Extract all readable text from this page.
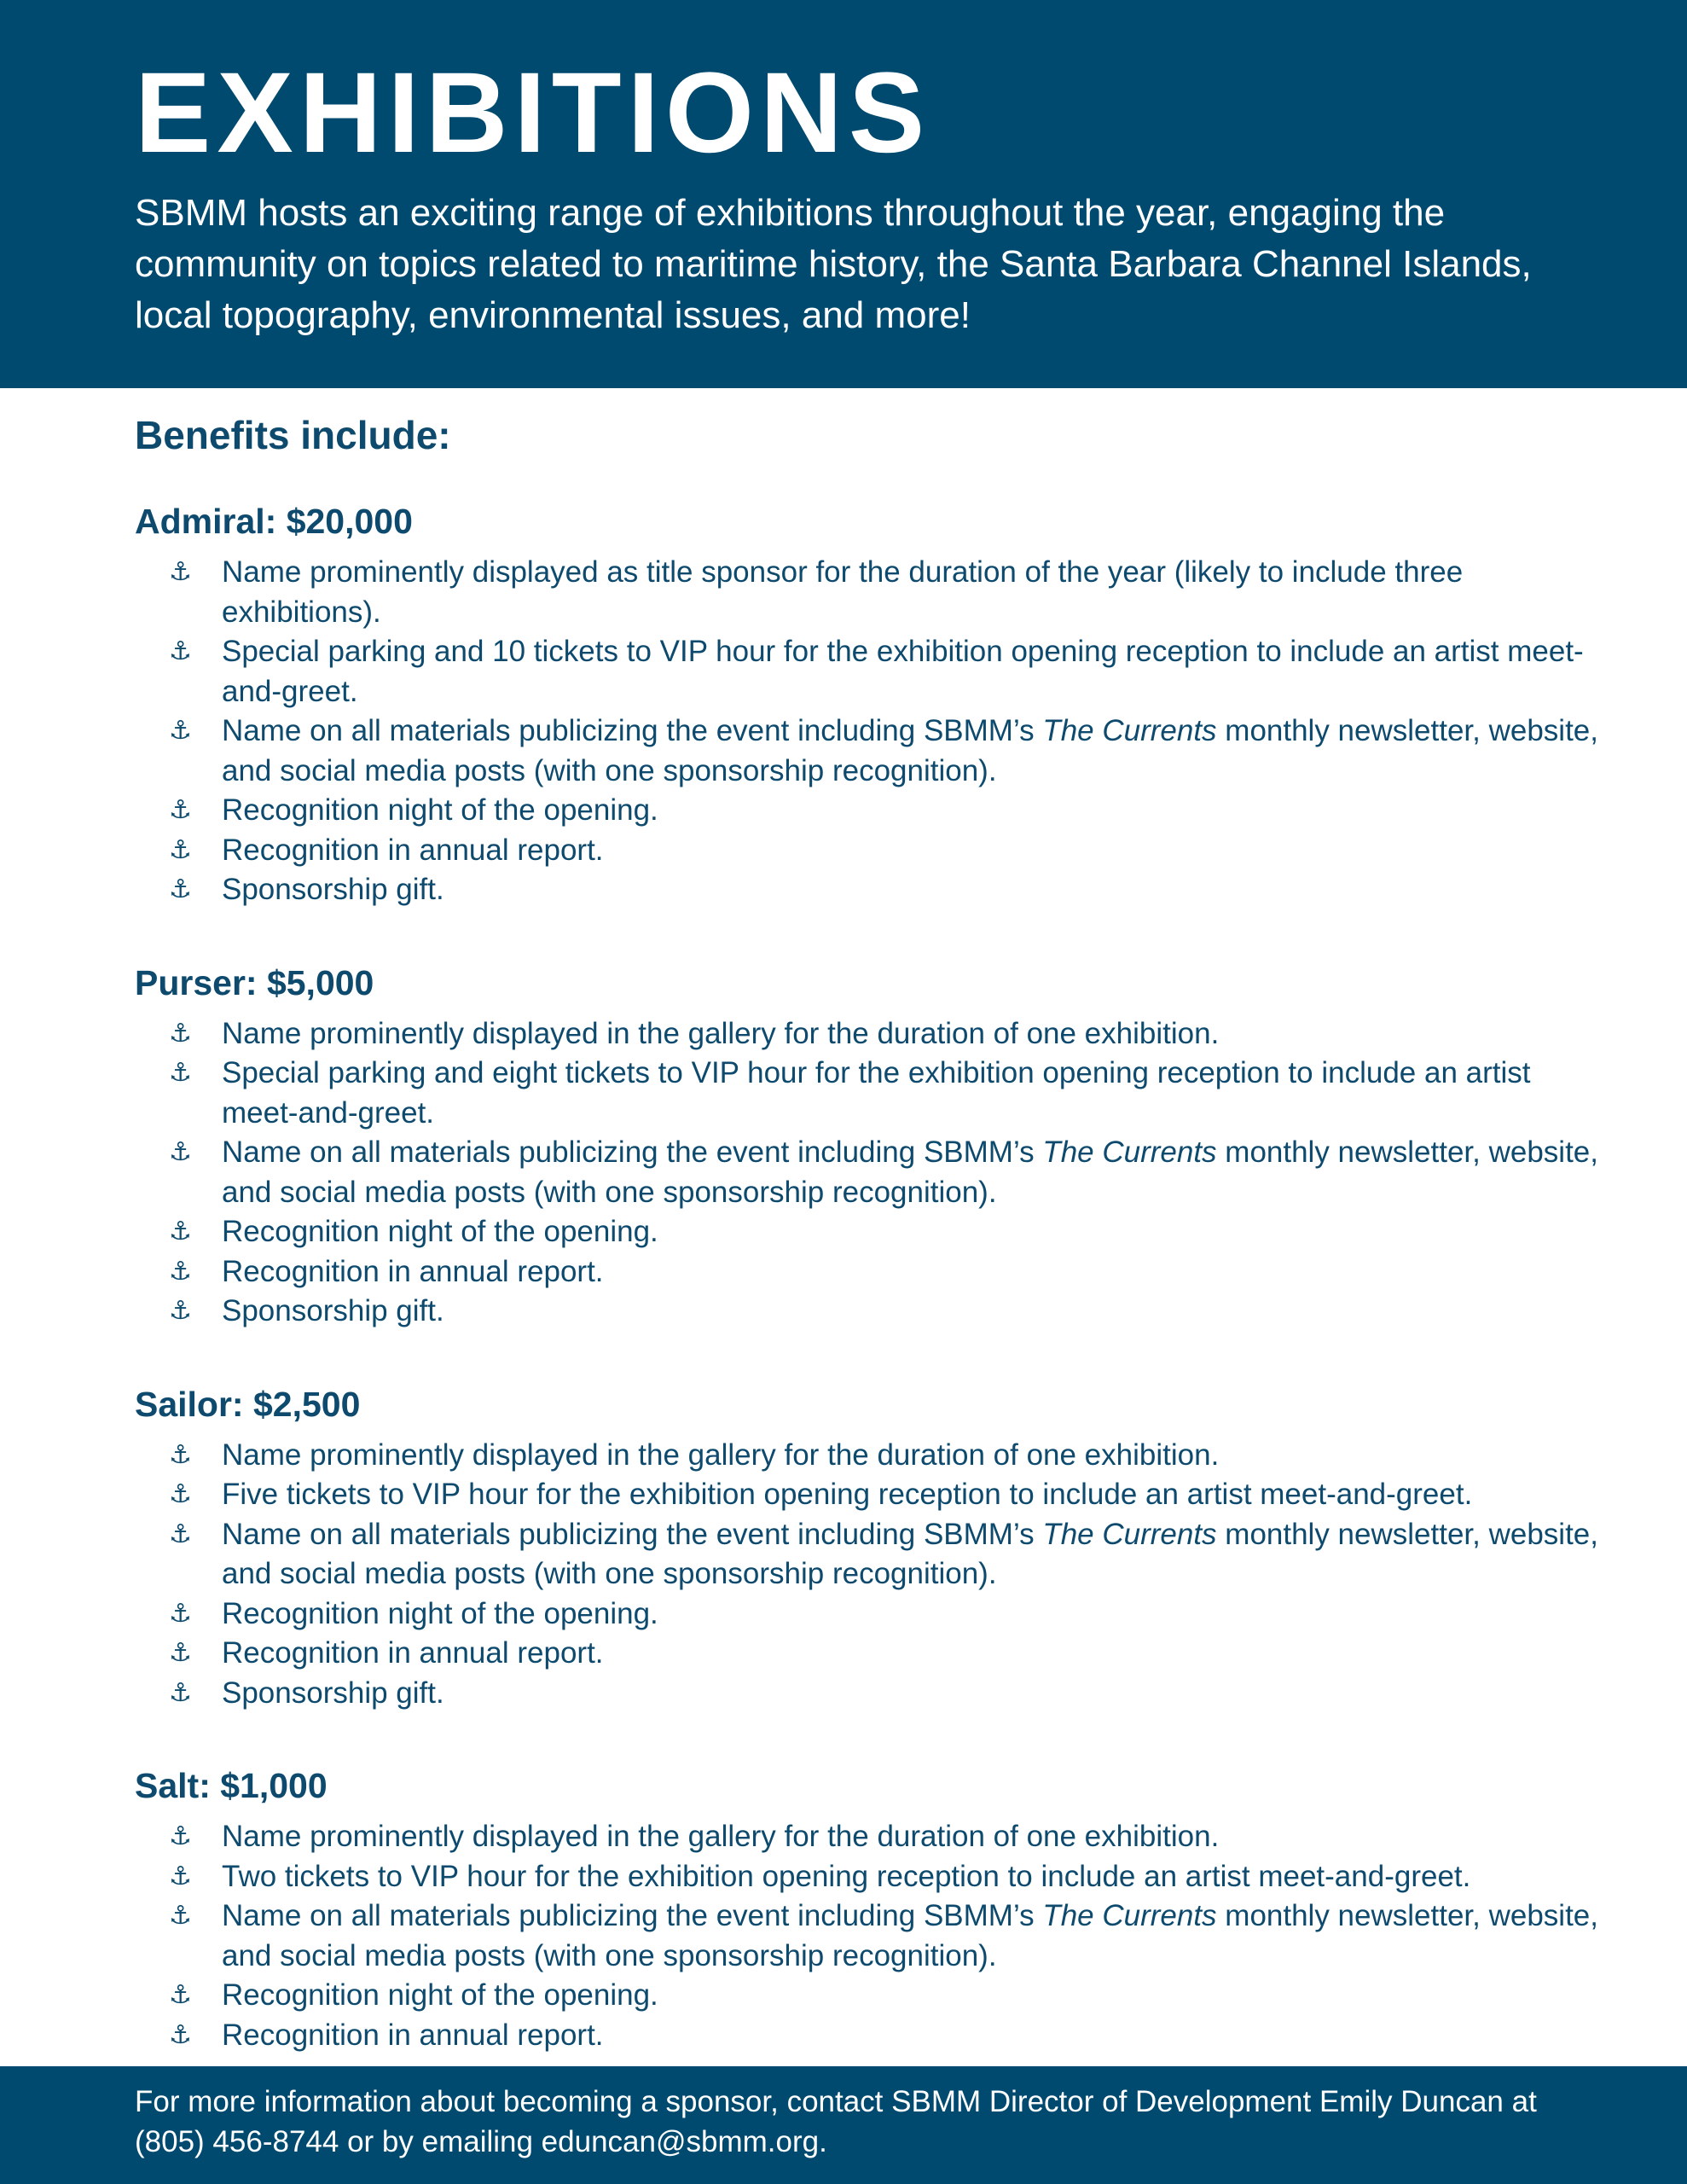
EXHIBITIONS

SBMM hosts an exciting range of exhibitions throughout the year, engaging the community on topics related to maritime history, the Santa Barbara Channel Islands, local topography, environmental issues, and more!

Benefits include:
Admiral: $20,000
⚓ Name prominently displayed as title sponsor for the duration of the year (likely to include three exhibitions).
⚓ Special parking and 10 tickets to VIP hour for the exhibition opening reception to include an artist meet-and-greet.
⚓ Name on all materials publicizing the event including SBMM’s The Currents monthly newsletter, website, and social media posts (with one sponsorship recognition).
⚓ Recognition night of the opening.
⚓ Recognition in annual report.
⚓ Sponsorship gift.
Purser: $5,000
⚓ Name prominently displayed in the gallery for the duration of one exhibition.
⚓ Special parking and eight tickets to VIP hour for the exhibition opening reception to include an artist meet-and-greet.
⚓ Name on all materials publicizing the event including SBMM’s The Currents monthly newsletter, website, and social media posts (with one sponsorship recognition).
⚓ Recognition night of the opening.
⚓ Recognition in annual report.
⚓ Sponsorship gift.
Sailor: $2,500
⚓ Name prominently displayed in the gallery for the duration of one exhibition.
⚓ Five tickets to VIP hour for the exhibition opening reception to include an artist meet-and-greet.
⚓ Name on all materials publicizing the event including SBMM’s The Currents monthly newsletter, website, and social media posts (with one sponsorship recognition).
⚓ Recognition night of the opening.
⚓ Recognition in annual report.
⚓ Sponsorship gift.
Salt: $1,000
⚓ Name prominently displayed in the gallery for the duration of one exhibition.
⚓ Two tickets to VIP hour for the exhibition opening reception to include an artist meet-and-greet.
⚓ Name on all materials publicizing the event including SBMM’s The Currents monthly newsletter, website, and social media posts (with one sponsorship recognition).
⚓ Recognition night of the opening.
⚓ Recognition in annual report.
For more information about becoming a sponsor, contact SBMM Director of Development Emily Duncan at (805) 456-8744 or by emailing eduncan@sbmm.org.
